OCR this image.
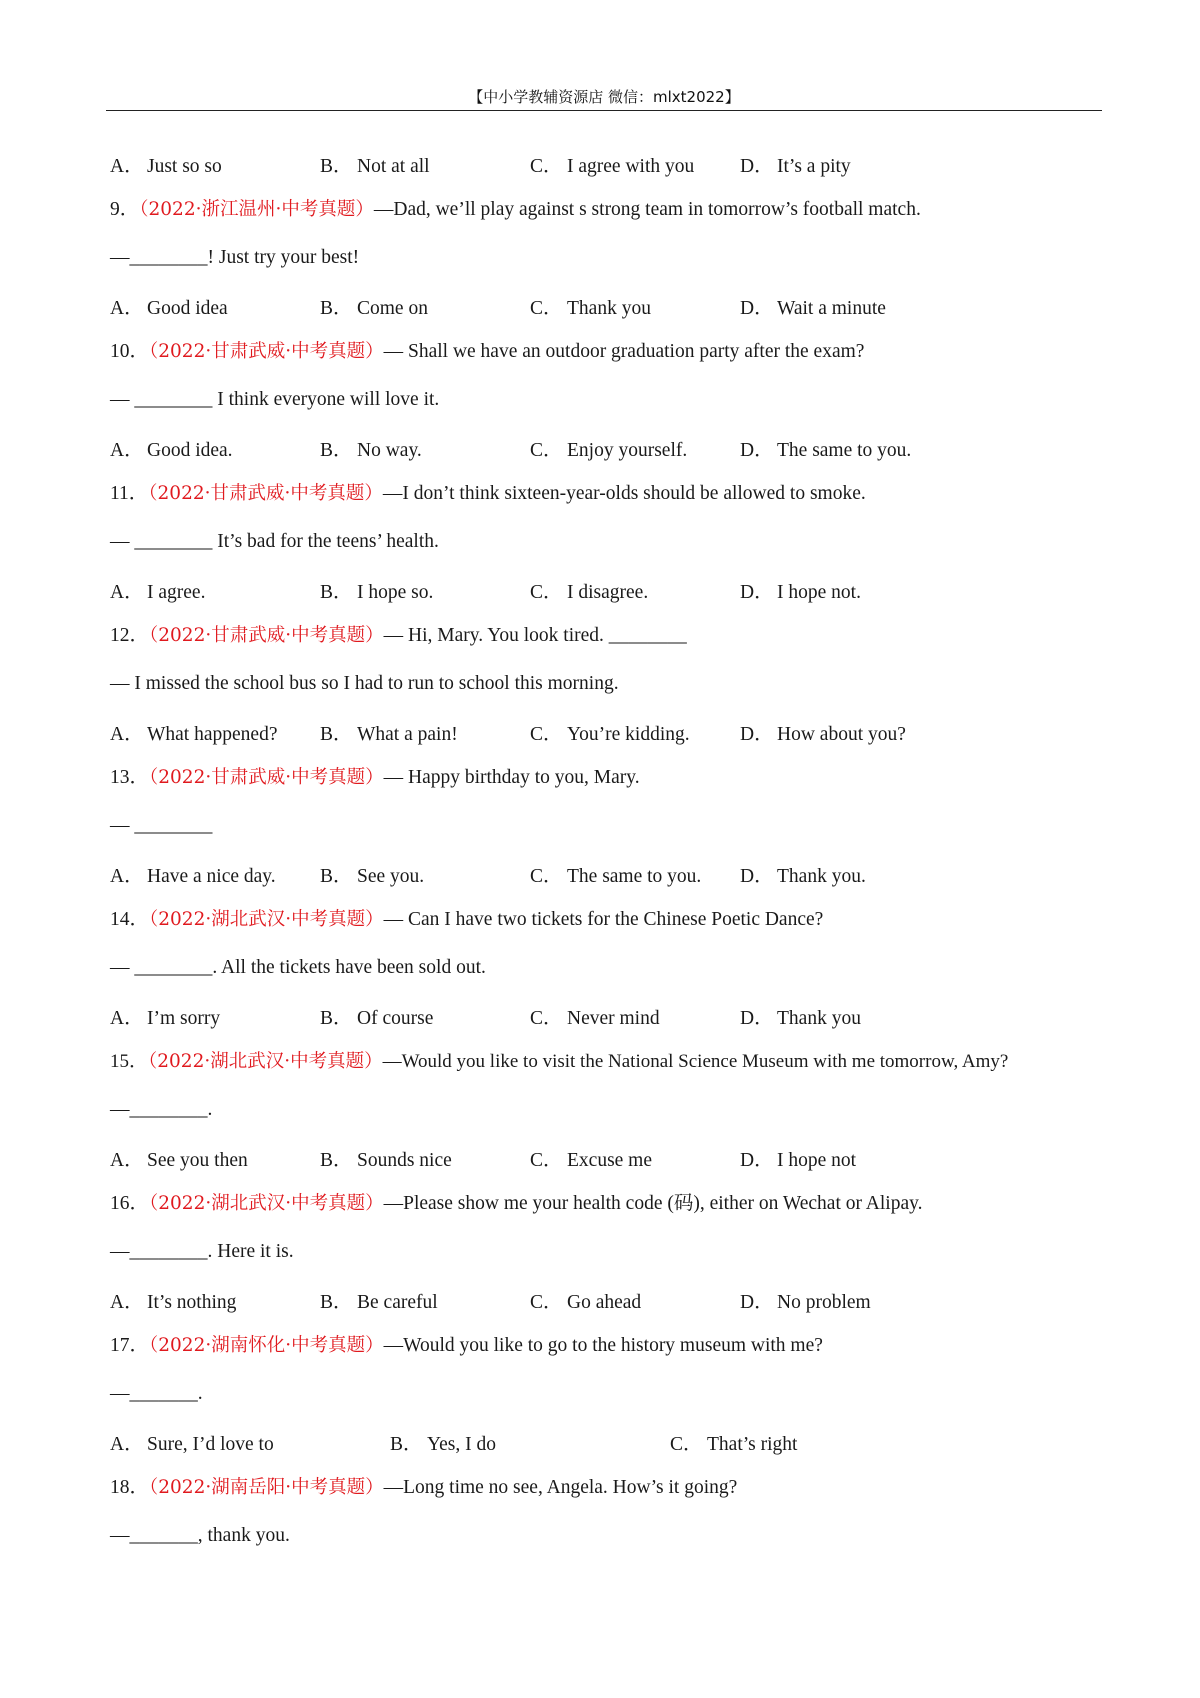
【中小学教辅资源店 微信：mlxt2022】
A． Just so so	B． Not at all	C． I agree with you D． It’s a pity
9．（2022·浙江温州·中考真题）—Dad, we’ll play against s strong team in tomorrow’s football match.
—________! Just try your best!
A． Good idea	B． Come on	C． Thank you	D． Wait a minute
10．（2022·甘肃武威·中考真题）— Shall we have an outdoor graduation party after the exam?
— ________ I think everyone will love it.
A． Good idea.	B． No way.	C． Enjoy yourself.	D． The same to you.
11．（2022·甘肃武威·中考真题）—I don’t think sixteen-year-olds should be allowed to smoke.
— ________ It’s bad for the teens’ health.
A． I agree.	B． I hope so.	C． I disagree.	D． I hope not.
12．（2022·甘肃武威·中考真题）— Hi, Mary. You look tired. ________
— I missed the school bus so I had to run to school this morning.
A． What happened? B． What a pain!	C． You’re kidding.	D． How about you?
13．（2022·甘肃武威·中考真题）— Happy birthday to you, Mary.
— ________
A． Have a nice day. B． See you.	C． The same to you. D． Thank you.
14．（2022·湖北武汉·中考真题）— Can I have two tickets for the Chinese Poetic Dance?
— ________. All the tickets have been sold out.
A． I’m sorry	B． Of course	C． Never mind	D． Thank you
15．（2022·湖北武汉·中考真题）—Would you like to visit the National Science Museum with me tomorrow, Amy?
—________.
A． See you then	B． Sounds nice	C． Excuse me	D． I hope not
16．（2022·湖北武汉·中考真题）—Please show me your health code (码), either on Wechat or Alipay.
—________. Here it is.
A． It’s nothing	B． Be careful	C． Go ahead	D． No problem
17．（2022·湖南怀化·中考真题）—Would you like to go to the history museum with me?
—_______.
A． Sure, I’d love to	B． Yes, I do	C． That’s right
18．（2022·湖南岳阳·中考真题）—Long time no see, Angela. How’s it going?
—_______, thank you.
